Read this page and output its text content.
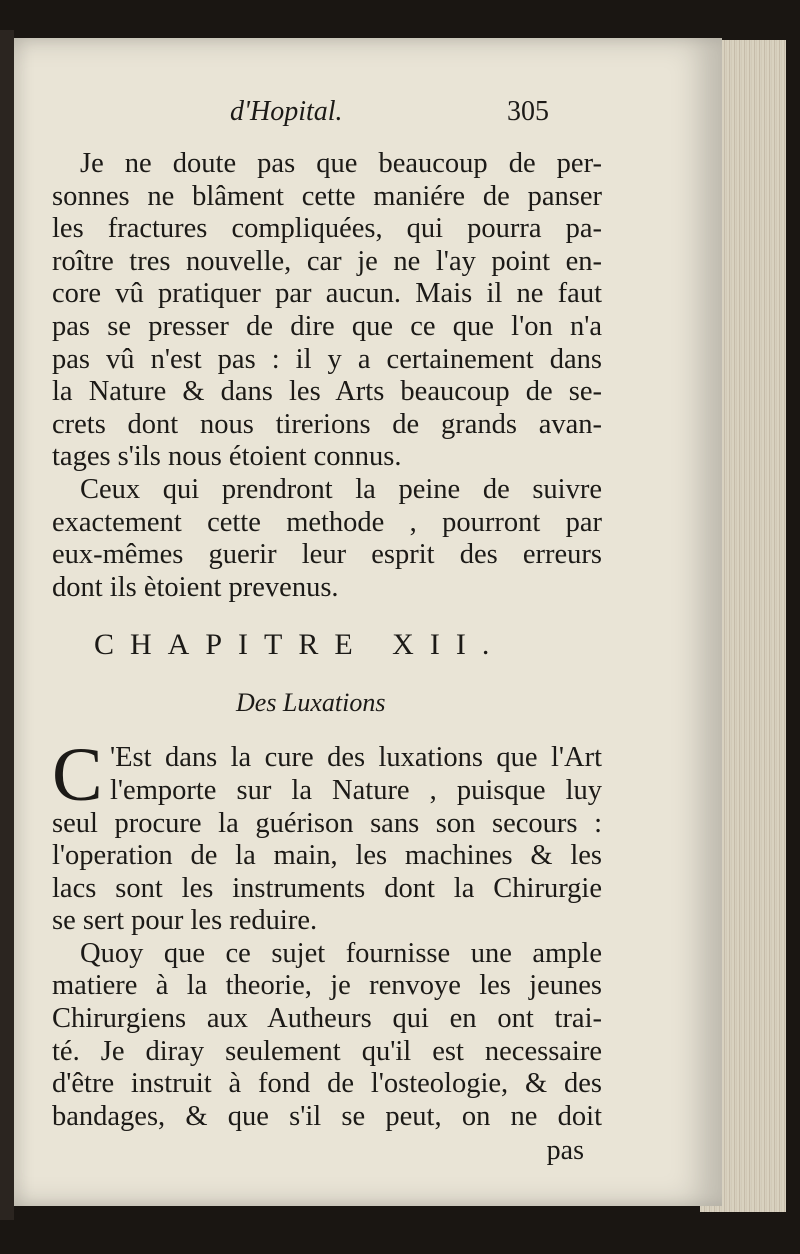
d'Hopital.	305
Je ne doute pas que beaucoup de per-
sonnes ne blâment cette maniére de panser
les fractures compliquées, qui pourra pa-
roître tres nouvelle, car je ne l'ay point en-
core vû pratiquer par aucun. Mais il ne faut
pas se presser de dire que ce que l'on n'a
pas vû n'est pas : il y a certainement dans
la Nature & dans les Arts beaucoup de se-
crets dont nous tirerions de grands avan-
tages s'ils nous étoient connus.
Ceux qui prendront la peine de suivre
exactement cette methode , pourront par
eux-mêmes guerir leur esprit des erreurs
dont ils ètoient prevenus.
CHAPITRE XII.
Des Luxations
C 'Est dans la cure des luxations que l'Art
l'emporte sur la Nature , puisque luy
seul procure la guérison sans son secours :
l'operation de la main, les machines & les
lacs sont les instruments dont la Chirurgie
se sert pour les reduire.
Quoy que ce sujet fournisse une ample
matiere à la theorie, je renvoye les jeunes
Chirurgiens aux Autheurs qui en ont trai-
té. Je diray seulement qu'il est necessaire
d'être instruit à fond de l'osteologie, & des
bandages, & que s'il se peut, on ne doit
pas
